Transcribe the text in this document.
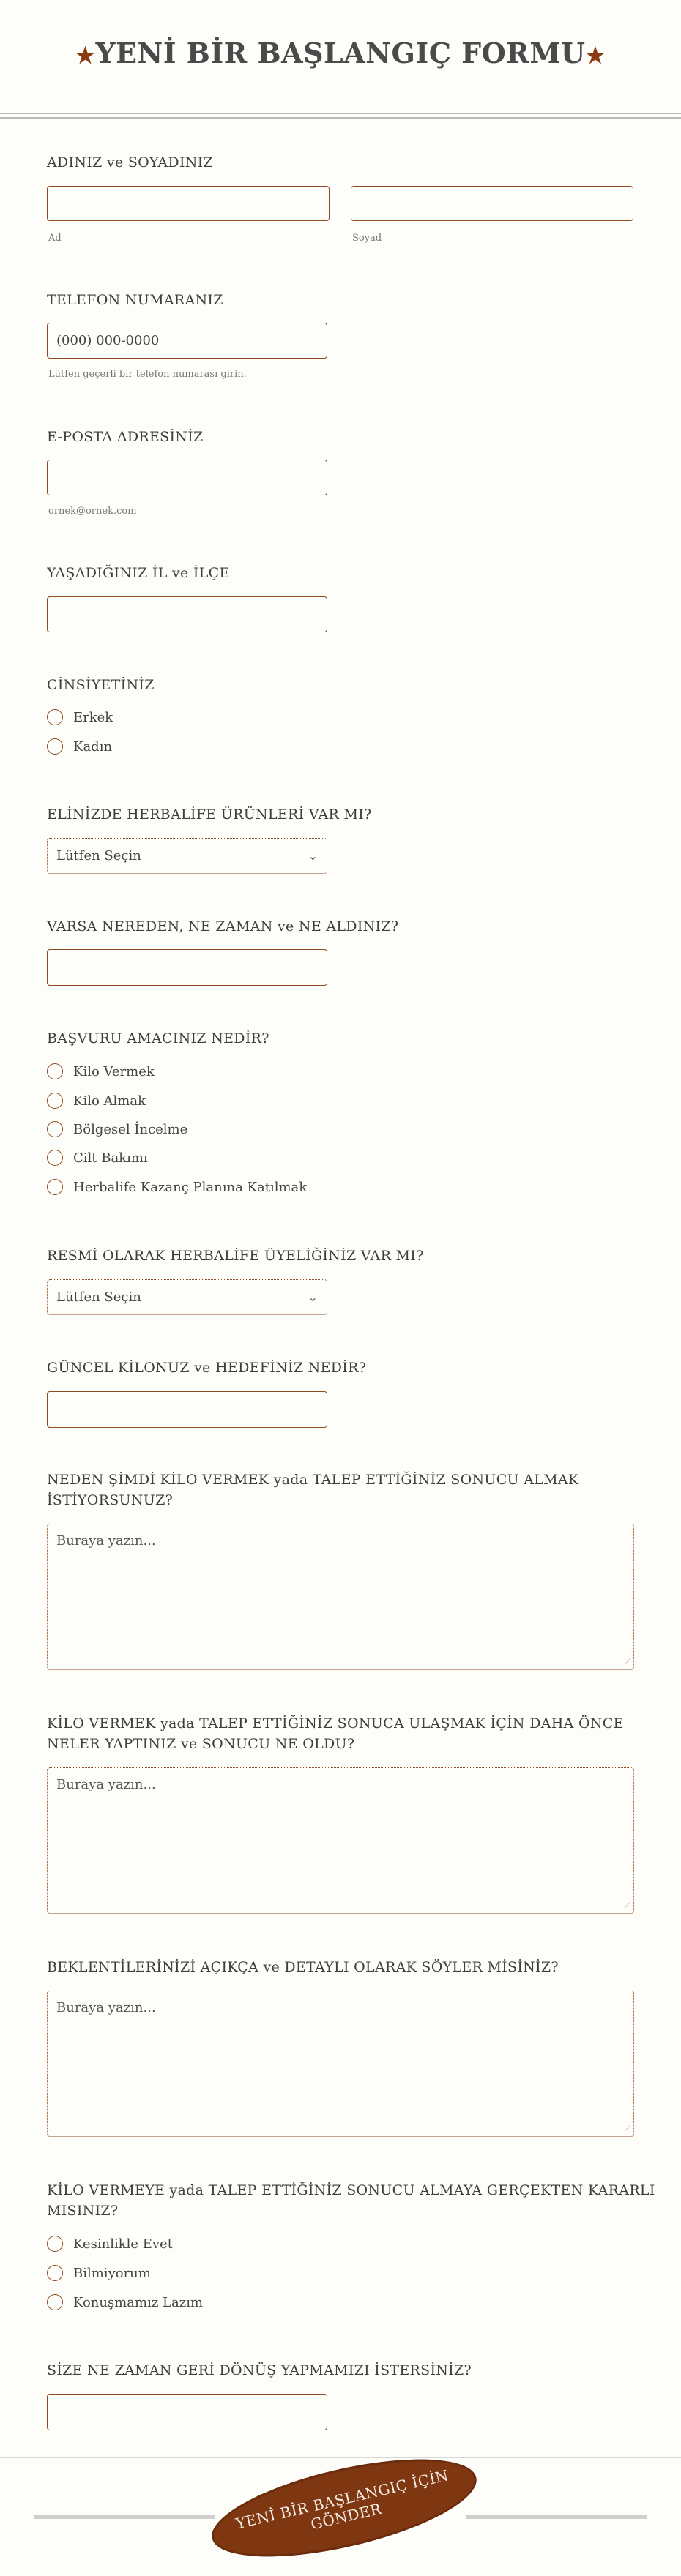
★YENİ BİR BAŞLANGIÇ FORMU★

ADINIZ ve SOYADINIZ

Ad	Soyad

TELEFON NUMARANIZ

(000) 000-0000
Lütfen geçerli bir telefon numarası girin.

E-POSTA ADRESİNİZ

ornek@ornek.com

YAŞADIĞINIZ İL ve İLÇE

CİNSİYETİNİZ

Erkek
Kadın

ELİNİZDE HERBALİFE ÜRÜNLERİ VAR MI?

Lütfen Seçin	⌄

VARSA NEREDEN, NE ZAMAN ve NE ALDINIZ?

BAŞVURU AMACINIZ NEDİR?

Kilo Vermek
Kilo Almak
Bölgesel İncelme
Cilt Bakımı
Herbalife Kazanç Planına Katılmak

RESMİ OLARAK HERBALİFE ÜYELİĞİNİZ VAR MI?

Lütfen Seçin	⌄

GÜNCEL KİLONUZ ve HEDEFİNİZ NEDİR?

NEDEN ŞİMDİ KİLO VERMEK yada TALEP ETTİĞİNİZ SONUCU ALMAK
İSTİYORSUNUZ?

Buraya yazın...
⟋

KİLO VERMEK yada TALEP ETTİĞİNİZ SONUCA ULAŞMAK İÇİN DAHA ÖNCE
NELER YAPTINIZ ve SONUCU NE OLDU?

Buraya yazın...
⟋

BEKLENTİLERİNİZİ AÇIKÇA ve DETAYLI OLARAK SÖYLER MİSİNİZ?

Buraya yazın...
⟋

KİLO VERMEYE yada TALEP ETTİĞİNİZ SONUCU ALMAYA GERÇEKTEN KARARLI
MISINIZ?

Kesinlikle Evet
Bilmiyorum
Konuşmamız Lazım

SİZE NE ZAMAN GERİ DÖNÜŞ YAPMAMIZI İSTERSİNİZ?

YENİ BİR BAŞLANGIÇ İÇİN GÖNDER
